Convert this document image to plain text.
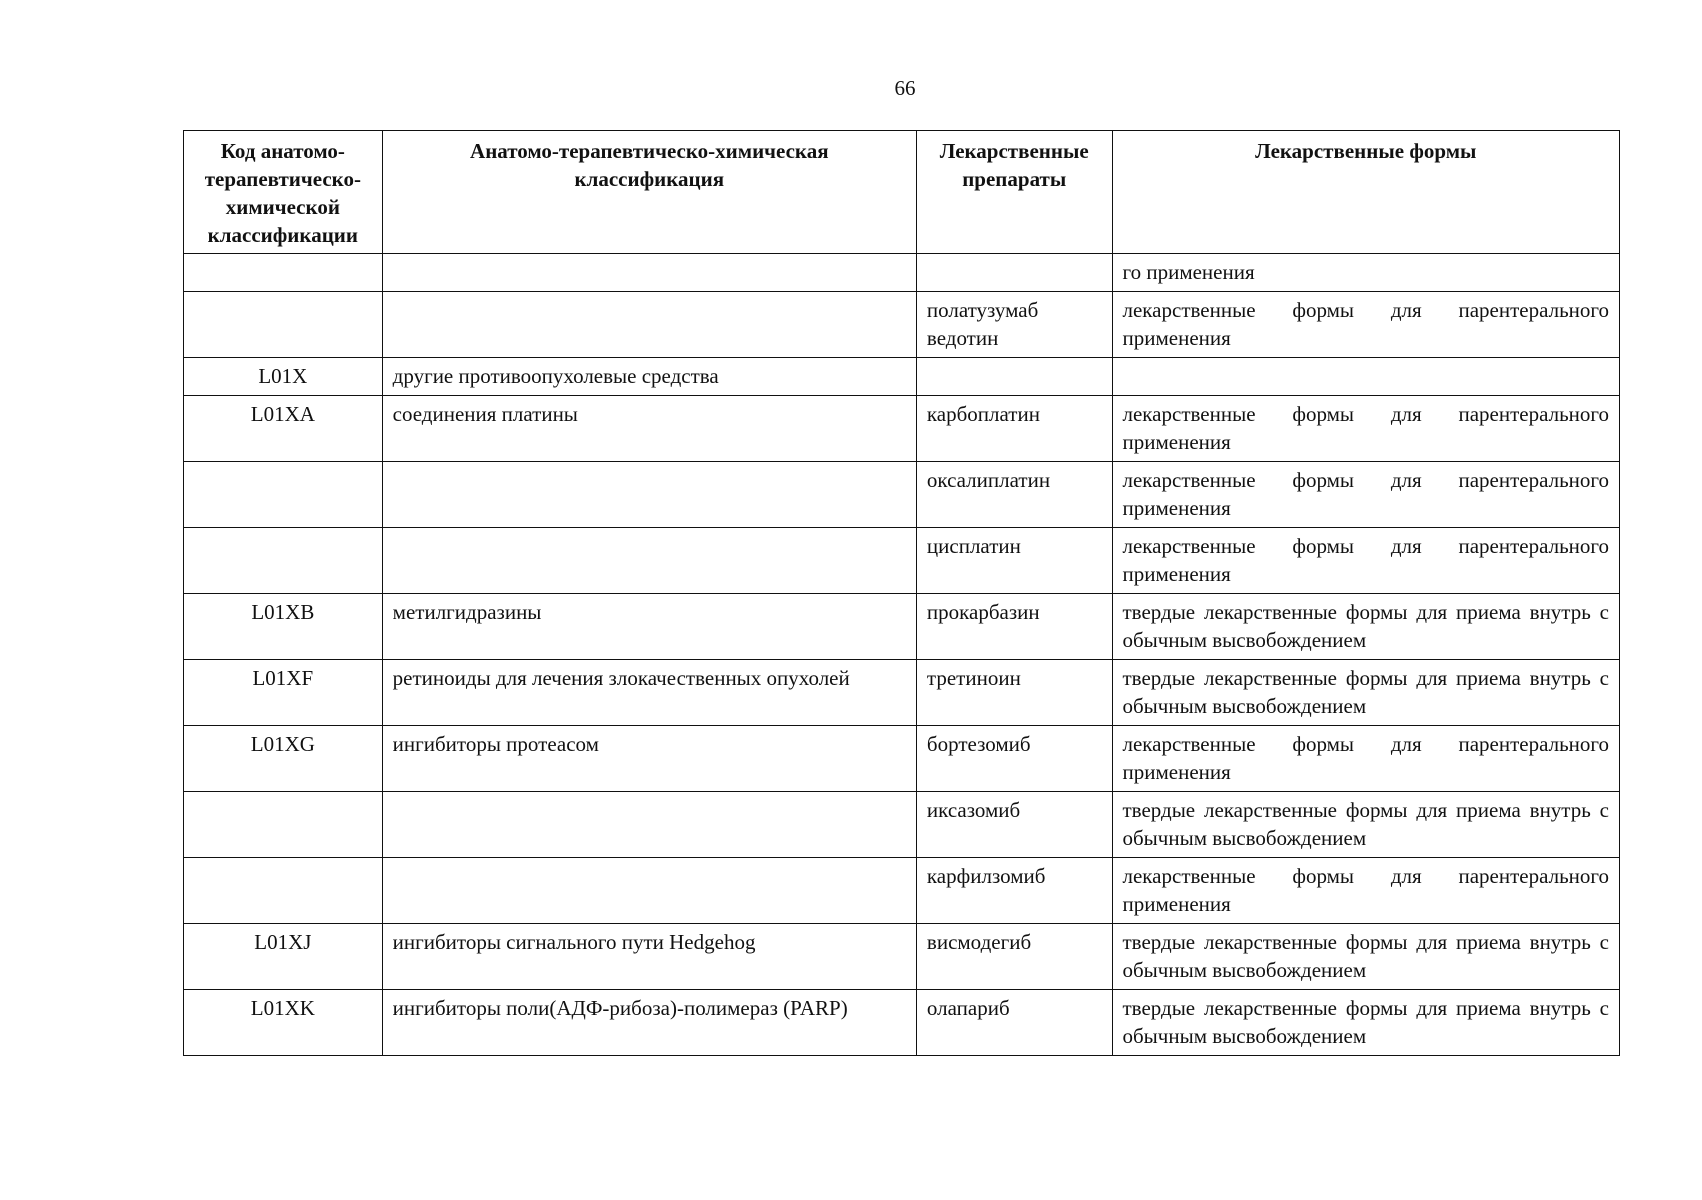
66
Код анатомо-терапевтическо-химической классификации	Анатомо-терапевтическо-химическая классификация	Лекарственные препараты	Лекарственные формы
			го применения
		полатузумаб ведотин	лекарственные формы для парентерального применения
L01X	другие противоопухолевые средства		
L01XA	соединения платины	карбоплатин	лекарственные формы для парентерального применения
		оксалиплатин	лекарственные формы для парентерального применения
		цисплатин	лекарственные формы для парентерального применения
L01XB	метилгидразины	прокарбазин	твердые лекарственные формы для приема внутрь с обычным высвобождением
L01XF	ретиноиды для лечения злокачественных опухолей	третиноин	твердые лекарственные формы для приема внутрь с обычным высвобождением
L01XG	ингибиторы протеасом	бортезомиб	лекарственные формы для парентерального применения
		иксазомиб	твердые лекарственные формы для приема внутрь с обычным высвобождением
		карфилзомиб	лекарственные формы для парентерального применения
L01XJ	ингибиторы сигнального пути Hedgehog	висмодегиб	твердые лекарственные формы для приема внутрь с обычным высвобождением
L01XK	ингибиторы поли(АДФ-рибоза)-полимераз (PARP)	олапариб	твердые лекарственные формы для приема внутрь с обычным высвобождением
